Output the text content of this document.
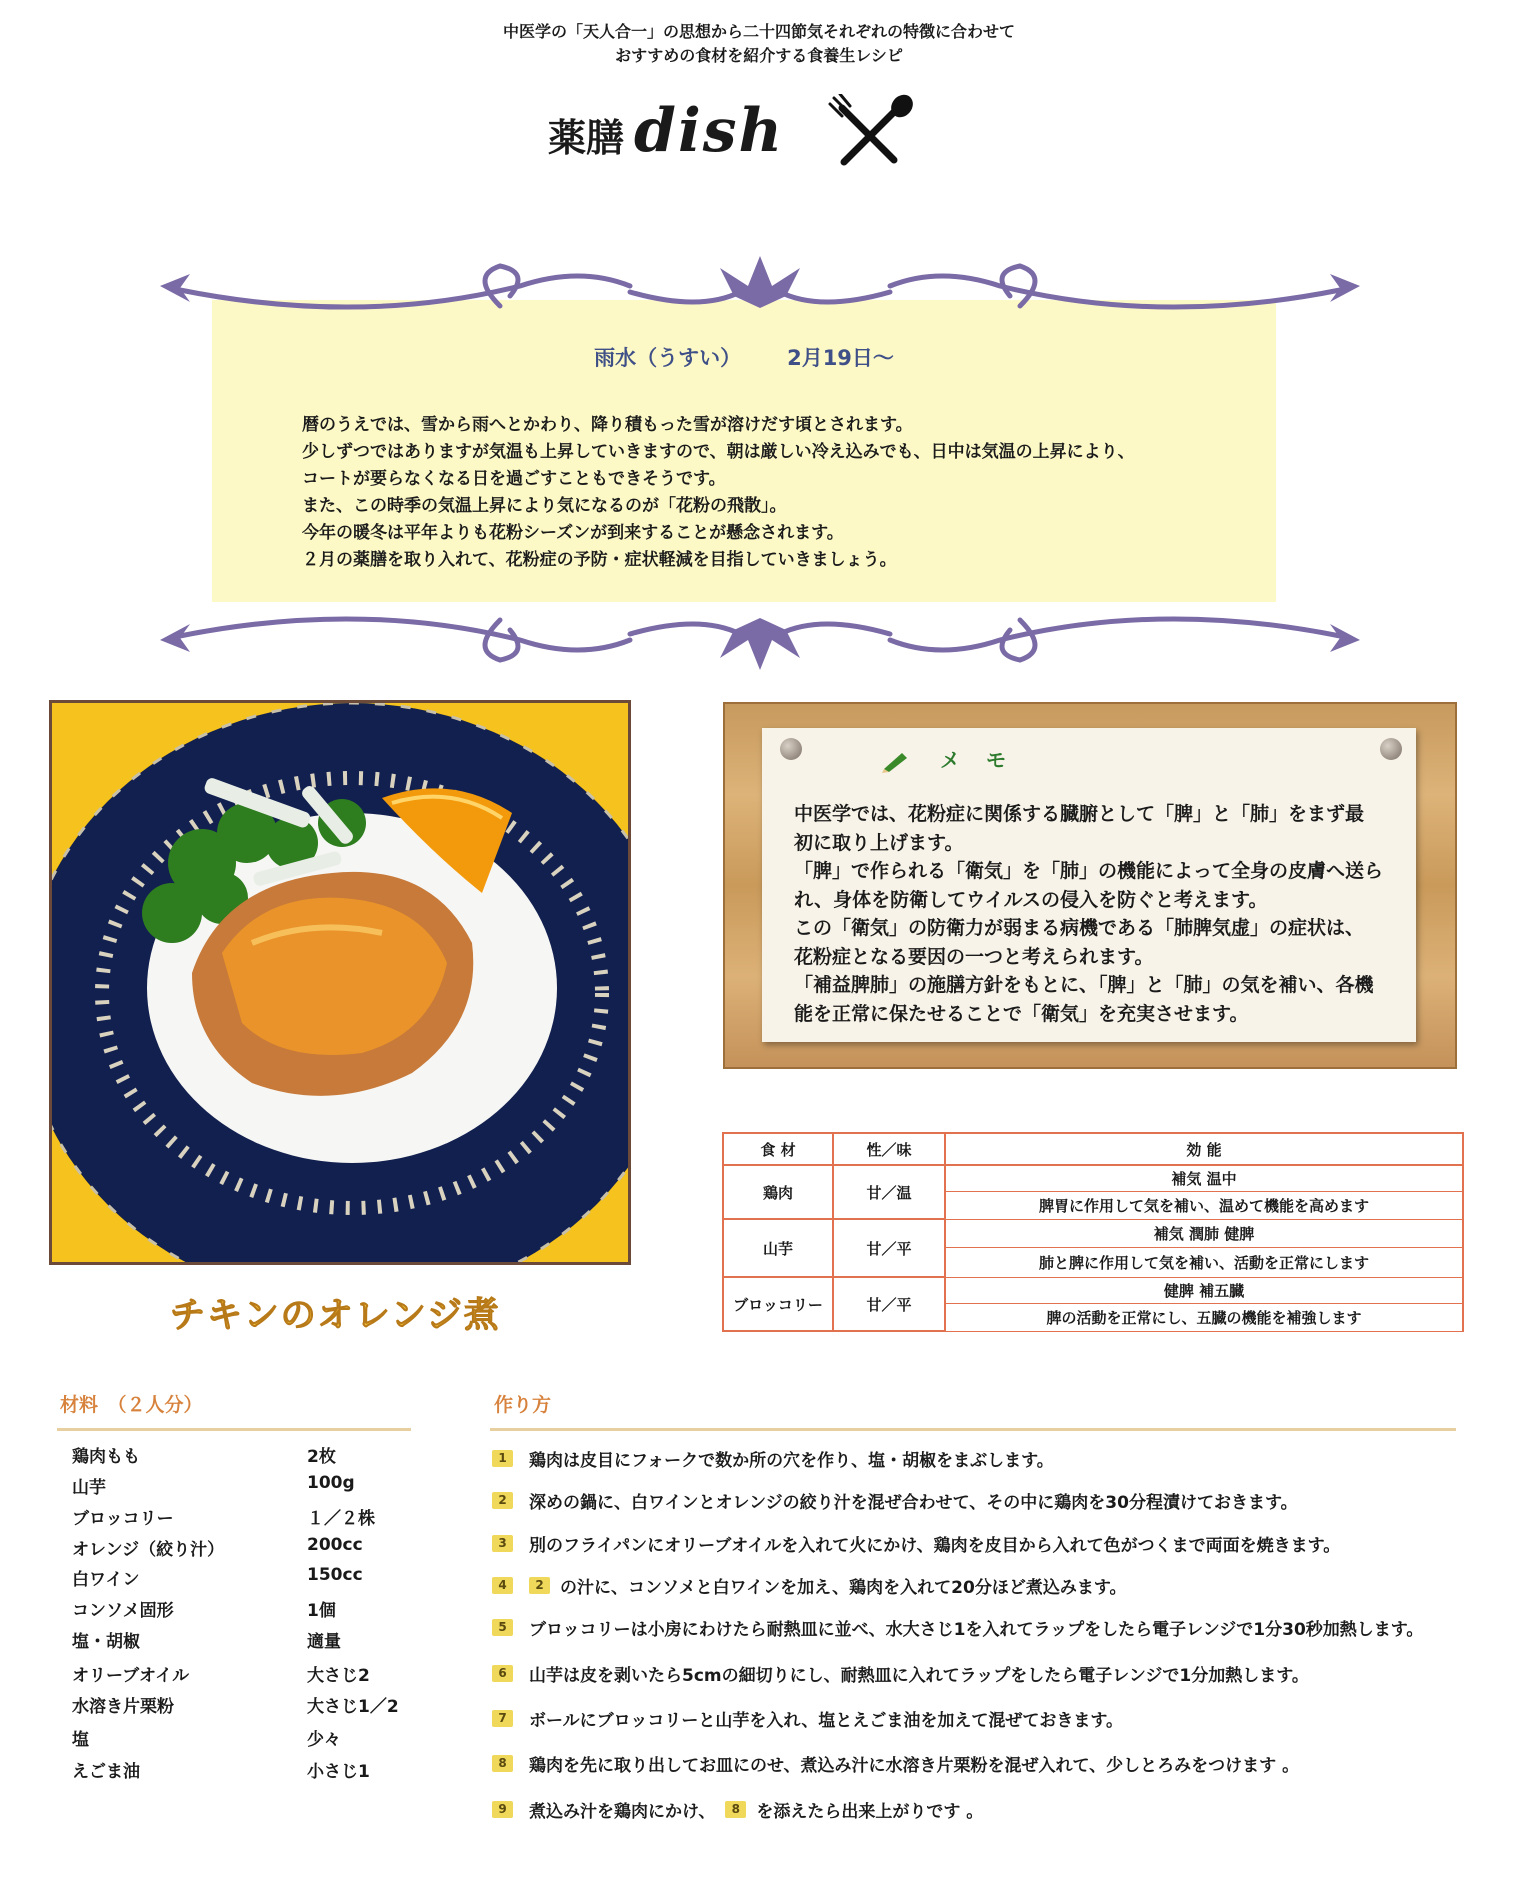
中医学の「天人合一」の思想から二十四節気それぞれの特徴に合わせて
おすすめの食材を紹介する食養生レシピ
薬膳 dish
雨水（うすい） 2月19日～
暦のうえでは、雪から雨へとかわり、降り積もった雪が溶けだす頃とされます。
少しずつではありますが気温も上昇していきますので、朝は厳しい冷え込みでも、日中は気温の上昇により、
コートが要らなくなる日を過ごすこともできそうです。
また、この時季の気温上昇により気になるのが「花粉の飛散」。
今年の暖冬は平年よりも花粉シーズンが到来することが懸念されます。
２月の薬膳を取り入れて、花粉症の予防・症状軽減を目指していきましょう。
チキンのオレンジ煮
メモ
中医学では、花粉症に関係する臓腑として「脾」と「肺」をまず最
初に取り上げます。
「脾」で作られる「衛気」を「肺」の機能によって全身の皮膚へ送ら
れ、身体を防衛してウイルスの侵入を防ぐと考えます。
この「衛気」の防衛力が弱まる病機である「肺脾気虚」の症状は、
花粉症となる要因の一つと考えられます。
「補益脾肺」の施膳方針をもとに、「脾」と「肺」の気を補い、各機
能を正常に保たせることで「衛気」を充実させます。
食 材	性／味	効 能
鶏肉	甘／温	補気 温中
		脾胃に作用して気を補い、温めて機能を高めます
山芋	甘／平	補気 潤肺 健脾
		肺と脾に作用して気を補い、活動を正常にします
ブロッコリー	甘／平	健脾 補五臓
		脾の活動を正常にし、五臓の機能を補強します
材料　（２人分）
鶏肉もも	2枚
山芋	100g
ブロッコリー	１／２株
オレンジ（絞り汁）	200cc
白ワイン	150cc
コンソメ固形	1個
塩・胡椒	適量
オリーブオイル	大さじ2
水溶き片栗粉	大さじ1／2
塩	少々
えごま油	小さじ1
作り方
1	鶏肉は皮目にフォークで数か所の穴を作り、塩・胡椒をまぶします。
2	深めの鍋に、白ワインとオレンジの絞り汁を混ぜ合わせて、その中に鶏肉を30分程漬けておきます。
3	別のフライパンにオリーブオイルを入れて火にかけ、鶏肉を皮目から入れて色がつくまで両面を焼きます。
4	2 の汁に、コンソメと白ワインを加え、鶏肉を入れて20分ほど煮込みます。
5	ブロッコリーは小房にわけたら耐熱皿に並べ、水大さじ1を入れてラップをしたら電子レンジで1分30秒加熱します。
6	山芋は皮を剥いたら5cmの細切りにし、耐熱皿に入れてラップをしたら電子レンジで1分加熱します。
7	ボールにブロッコリーと山芋を入れ、塩とえごま油を加えて混ぜておきます。
8	鶏肉を先に取り出してお皿にのせ、煮込み汁に水溶き片栗粉を混ぜ入れて、少しとろみをつけます 。
9	煮込み汁を鶏肉にかけ、	8 を添えたら出来上がりです 。
